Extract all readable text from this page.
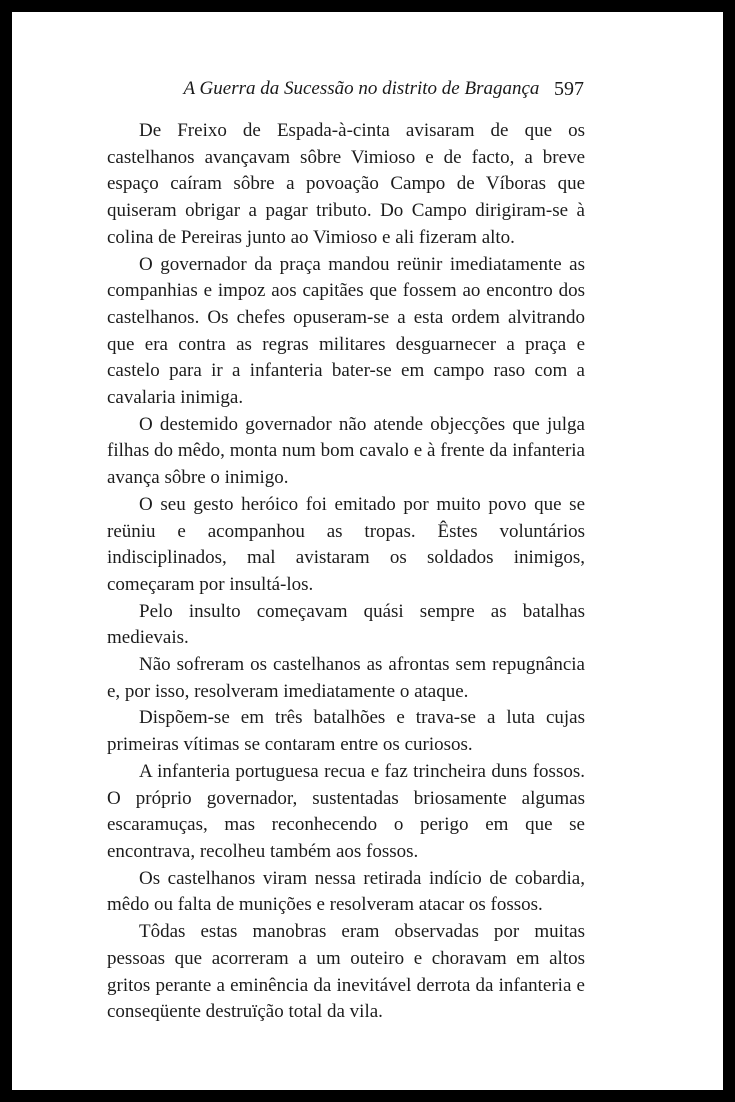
A Guerra da Sucessão no distrito de Bragança 597

De Freixo de Espada-à-cinta avisaram de que os castelhanos avançavam sôbre Vimioso e de facto, a breve espaço caíram sôbre a povoação Campo de Víboras que quiseram obrigar a pagar tributo. Do Campo dirigiram-se à colina de Pereiras junto ao Vimioso e ali fizeram alto.

O governador da praça mandou reünir imediatamente as companhias e impoz aos capitães que fossem ao encontro dos castelhanos. Os chefes opuseram-se a esta ordem alvitrando que era contra as regras militares desguarnecer a praça e castelo para ir a infanteria bater-se em campo raso com a cavalaria inimiga.

O destemido governador não atende objecções que julga filhas do mêdo, monta num bom cavalo e à frente da infanteria avança sôbre o inimigo.

O seu gesto heróico foi emitado por muito povo que se reüniu e acompanhou as tropas. Êstes voluntários indisciplinados, mal avistaram os soldados inimigos, começaram por insultá-los.

Pelo insulto começavam quási sempre as batalhas medievais.

Não sofreram os castelhanos as afrontas sem repugnância e, por isso, resolveram imediatamente o ataque.

Dispõem-se em três batalhões e trava-se a luta cujas primeiras vítimas se contaram entre os curiosos.

A infanteria portuguesa recua e faz trincheira duns fossos. O próprio governador, sustentadas briosamente algumas escaramuças, mas reconhecendo o perigo em que se encontrava, recolheu também aos fossos.

Os castelhanos viram nessa retirada indício de cobardia, mêdo ou falta de munições e resolveram atacar os fossos.

Tôdas estas manobras eram observadas por muitas pessoas que acorreram a um outeiro e choravam em altos gritos perante a eminência da inevitável derrota da infanteria e conseqüente destruïção total da vila.
